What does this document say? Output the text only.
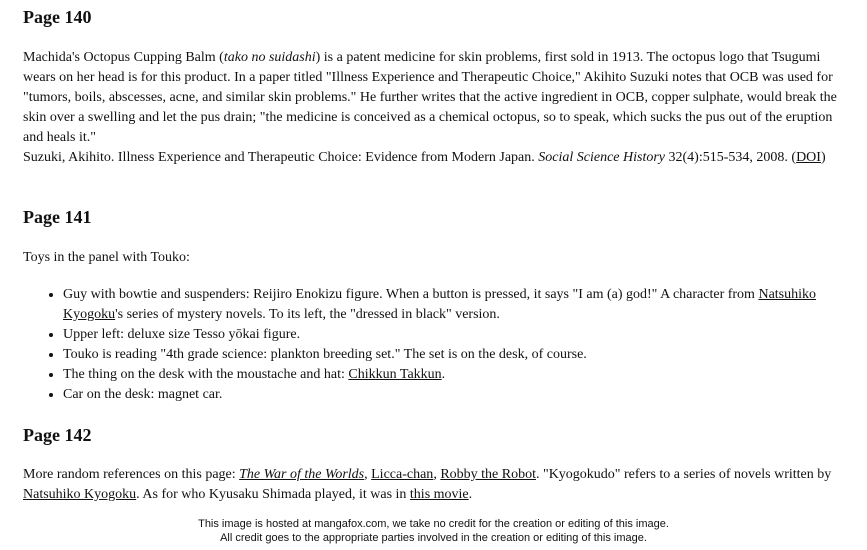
Page 140

Machida's Octopus Cupping Balm (tako no suidashi) is a patent medicine for skin problems, first sold in 1913. The octopus logo that Tsugumi wears on her head is for this product. In a paper titled "Illness Experience and Therapeutic Choice," Akihito Suzuki notes that OCB was used for "tumors, boils, abscesses, acne, and similar skin problems." He further writes that the active ingredient in OCB, copper sulphate, would break the skin over a swelling and let the pus drain; "the medicine is conceived as a chemical octopus, so to speak, which sucks the pus out of the eruption and heals it."

Suzuki, Akihito. Illness Experience and Therapeutic Choice: Evidence from Modern Japan. Social Science History 32(4):515-534, 2008. (DOI)

Page 141

Toys in the panel with Touko:

• Guy with bowtie and suspenders: Reijiro Enokizu figure. When a button is pressed, it says "I am (a) god!" A character from Natsuhiko Kyogoku's series of mystery novels. To its left, the "dressed in black" version.
• Upper left: deluxe size Tesso yōkai figure.
• Touko is reading "4th grade science: plankton breeding set." The set is on the desk, of course.
• The thing on the desk with the moustache and hat: Chikkun Takkun.
• Car on the desk: magnet car.
Page 142

More random references on this page: The War of the Worlds, Licca-chan, Robby the Robot. "Kyogokudo" refers to a series of novels written by Natsuhiko Kyogoku. As for who Kyusaku Shimada played, it was in this movie.

This image is hosted at mangafox.com, we take no credit for the creation or editing of this image.
All credit goes to the appropriate parties involved in the creation or editing of this image.
